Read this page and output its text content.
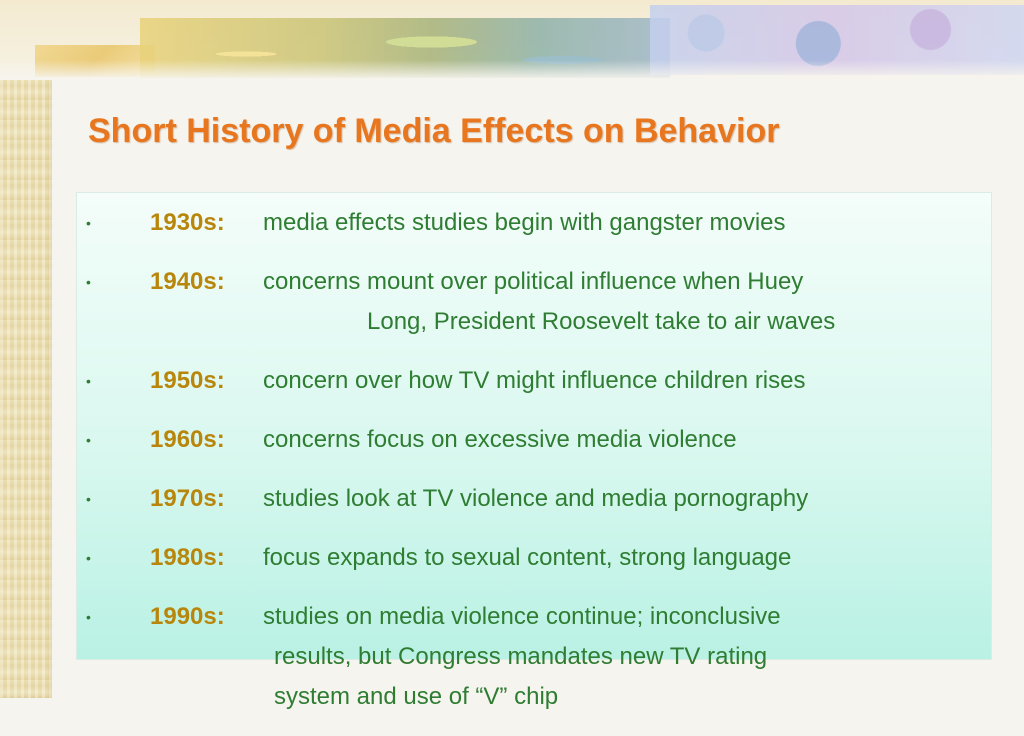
Short History of Media Effects on Behavior
• 1930s:	media effects studies begin with gangster movies
• 1940s:	concerns mount over political influence when Huey
Long, President Roosevelt take to air waves
• 1950s:	concern over how TV might influence children rises
• 1960s:	concerns focus on excessive media violence
• 1970s:	studies look at TV violence and media pornography
• 1980s:	focus expands to sexual content, strong language
• 1990s:	studies on media violence continue; inconclusive
results, but Congress mandates new TV rating
system and use of “V” chip
